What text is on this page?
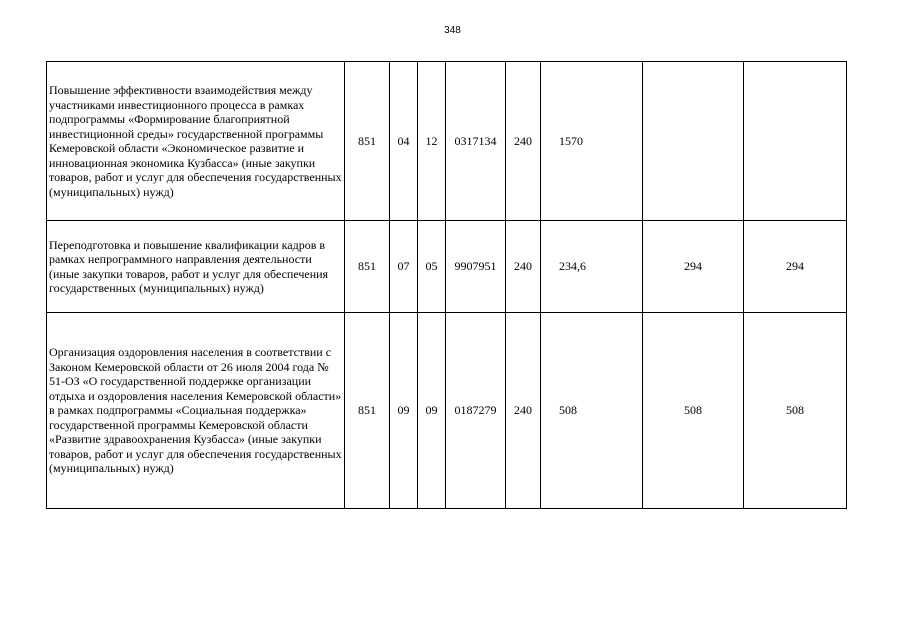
348
Повышение эффективности взаимодействия между участниками инвестиционного процесса в рамках подпрограммы «Формирование благоприятной инвестиционной среды» государственной программы Кемеровской области «Экономическое развитие и инновационная экономика Кузбасса» (иные закупки товаров, работ и услуг для обеспечения государственных (муниципальных) нужд)	851	04	12	0317134	240	1570		
Переподготовка и повышение квалификации кадров в рамках непрограммного направления деятельности (иные закупки товаров, работ и услуг для обеспечения государственных (муниципальных) нужд)	851	07	05	9907951	240	234,6	294	294
Организация оздоровления населения в соответствии с Законом Кемеровской области от 26 июля 2004 года № 51-ОЗ «О государственной поддержке организации отдыха и оздоровления населения Кемеровской области» в рамках подпрограммы «Социальная поддержка» государственной программы Кемеровской области «Развитие здравоохранения Кузбасса» (иные закупки товаров, работ и услуг для обеспечения государственных (муниципальных) нужд)	851	09	09	0187279	240	508	508	508
